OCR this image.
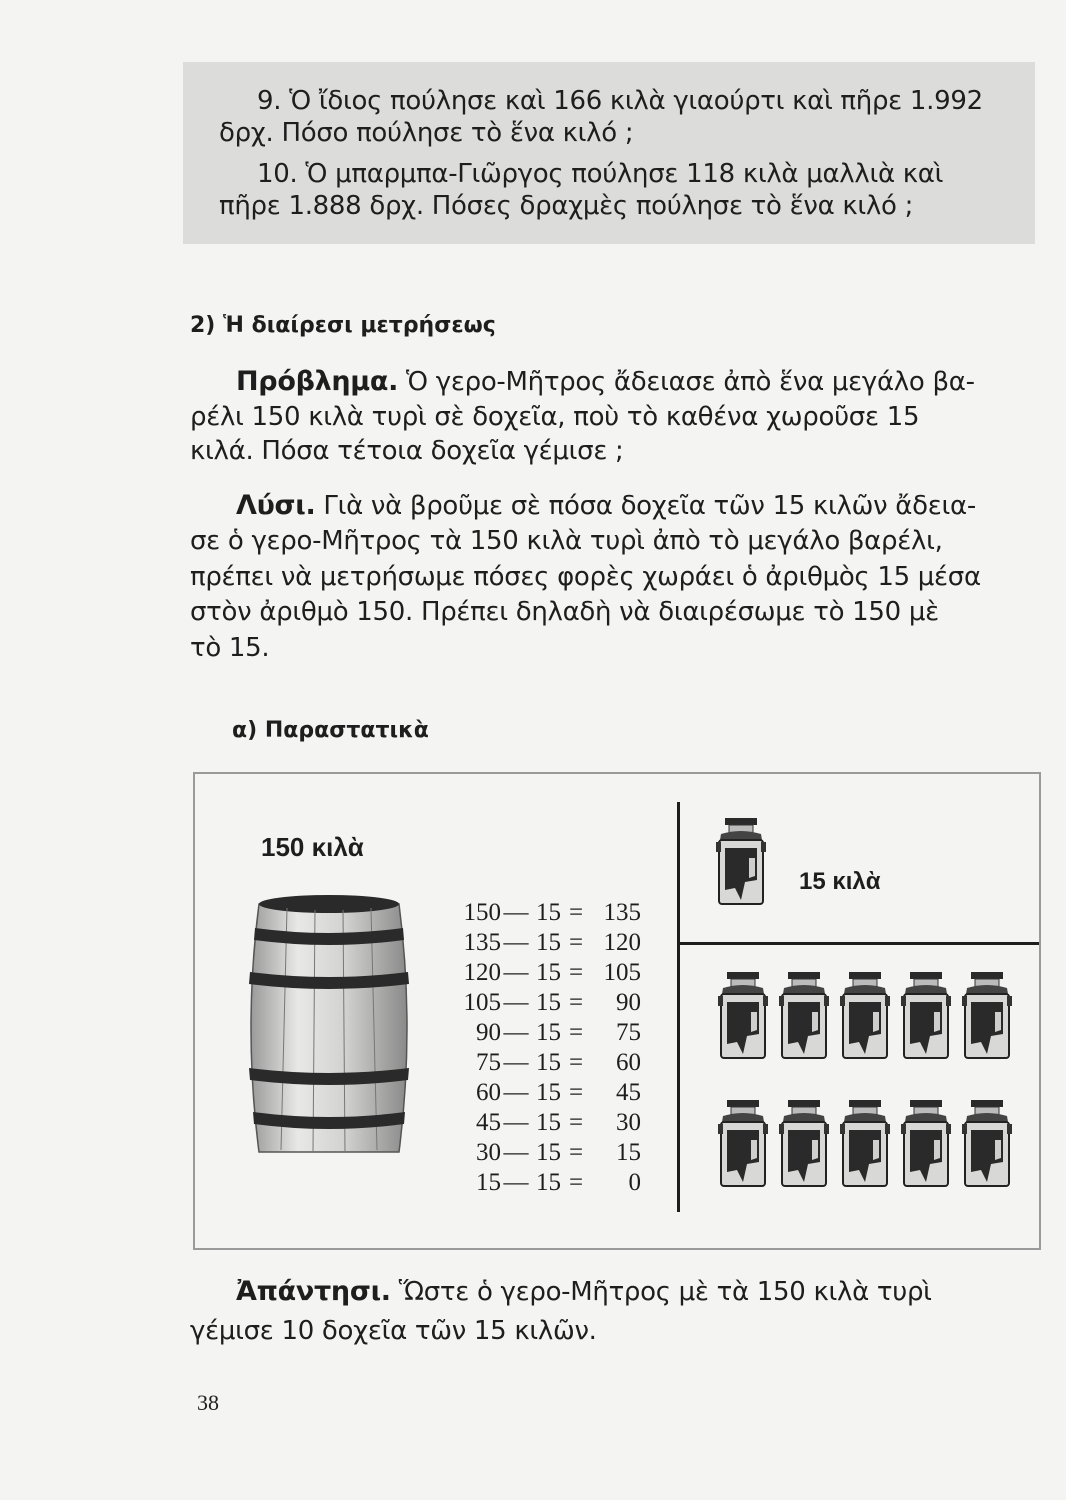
9. Ὁ ἴδιος πούλησε καὶ 166 κιλὰ γιαούρτι καὶ πῆρε 1.992

δρχ. Πόσο πούλησε τὸ ἕνα κιλό ;

10. Ὁ μπαρμπα-Γιῶργος πούλησε 118 κιλὰ μαλλιὰ καὶ

πῆρε 1.888 δρχ. Πόσες δραχμὲς πούλησε τὸ ἕνα κιλό ;

2) Ἡ διαίρεσι μετρήσεως

Πρόβλημα. Ὁ γερο-Μῆτρος ἄδειασε ἀπὸ ἕνα μεγάλο βα-

ρέλι 150 κιλὰ τυρὶ σὲ δοχεῖα, ποὺ τὸ καθένα χωροῦσε 15

κιλά. Πόσα τέτοια δοχεῖα γέμισε ;

Λύσι. Γιὰ νὰ βροῦμε σὲ πόσα δοχεῖα τῶν 15 κιλῶν ἄδεια-

σε ὁ γερο-Μῆτρος τὰ 150 κιλὰ τυρὶ ἀπὸ τὸ μεγάλο βαρέλι,

πρέπει νὰ μετρήσωμε πόσες φορὲς χωράει ὁ ἀριθμὸς 15 μέσα

στὸν ἀριθμὸ 150. Πρέπει δηλαδὴ νὰ διαιρέσωμε τὸ 150 μὲ

τὸ 15.

α) Παραστατικὰ

150 κιλὰ
150 — 15 = 135
135 — 15 = 120
120 — 15 = 105
105 — 15 =	90
90 — 15 =	75
75 — 15 =	60
60 — 15 =	45
45 — 15 =	30
30 — 15 =	15
15 — 15 =	0
15 κιλὰ

Ἀπάντησι. Ὥστε ὁ γερο-Μῆτρος μὲ τὰ 150 κιλὰ τυρὶ

γέμισε 10 δοχεῖα τῶν 15 κιλῶν.

38
